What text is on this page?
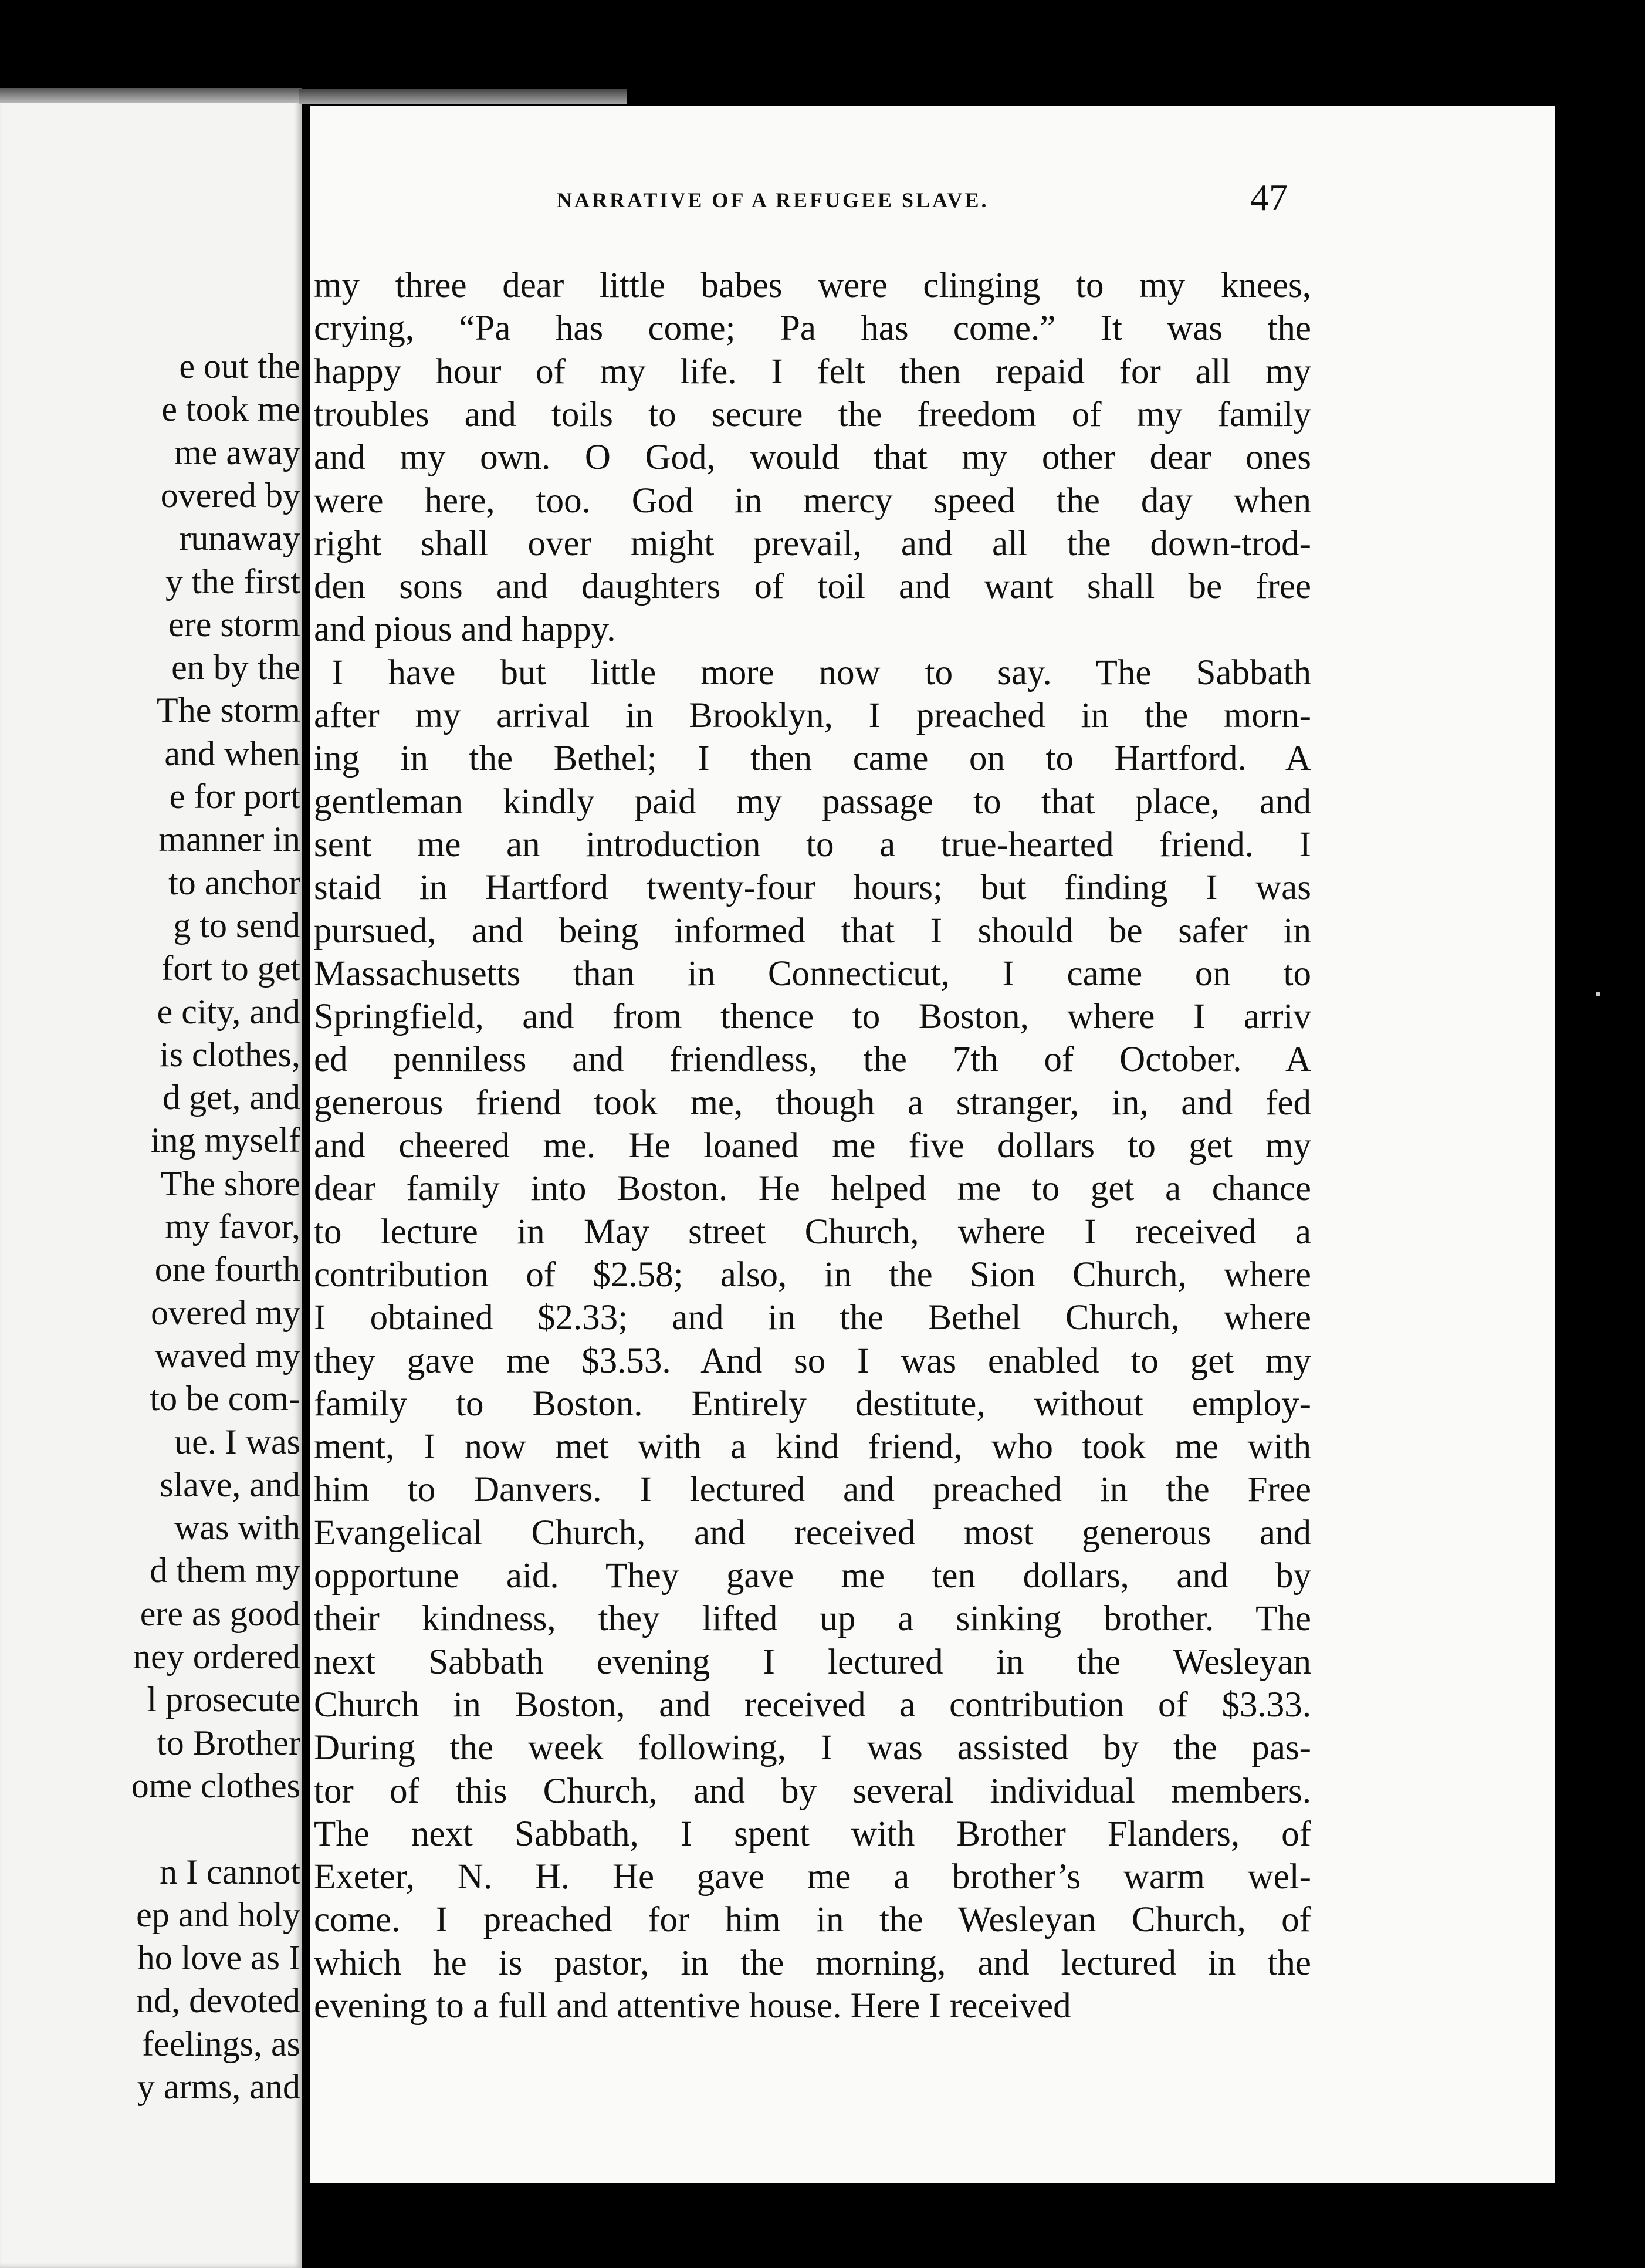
e out the
e took me
me away
overed by
runaway
y the first
ere storm
en by the
The storm
and when
e for port
manner in
to anchor
g to send
fort to get
e city, and
is clothes,
d get, and
ing myself
The shore
my favor,
one fourth
overed my
waved my
to be com-
ue. I was
slave, and
was with
d them my
ere as good
ney ordered
l prosecute
to Brother
ome clothes
n I cannot
ep and holy
ho love as I
nd, devoted
feelings, as
y arms, and
NARRATIVE OF A REFUGEE SLAVE.	47
my three dear little babes were clinging to my knees,
crying, “Pa has come; Pa has come.” It was the
happy hour of my life. I felt then repaid for all my
troubles and toils to secure the freedom of my family
and my own. O God, would that my other dear ones
were here, too. God in mercy speed the day when
right shall over might prevail, and all the down-trod-
den sons and daughters of toil and want shall be free
and pious and happy.
I have but little more now to say. The Sabbath
after my arrival in Brooklyn, I preached in the morn-
ing in the Bethel; I then came on to Hartford. A
gentleman kindly paid my passage to that place, and
sent me an introduction to a true-hearted friend. I
staid in Hartford twenty-four hours; but finding I was
pursued, and being informed that I should be safer in
Massachusetts than in Connecticut, I came on to
Springfield, and from thence to Boston, where I arriv
ed penniless and friendless, the 7th of October. A
generous friend took me, though a stranger, in, and fed
and cheered me. He loaned me five dollars to get my
dear family into Boston. He helped me to get a chance
to lecture in May street Church, where I received a
contribution of $2.58; also, in the Sion Church, where
I obtained $2.33; and in the Bethel Church, where
they gave me $3.53. And so I was enabled to get my
family to Boston. Entirely destitute, without employ-
ment, I now met with a kind friend, who took me with
him to Danvers. I lectured and preached in the Free
Evangelical Church, and received most generous and
opportune aid. They gave me ten dollars, and by
their kindness, they lifted up a sinking brother. The
next Sabbath evening I lectured in the Wesleyan
Church in Boston, and received a contribution of $3.33.
During the week following, I was assisted by the pas-
tor of this Church, and by several individual members.
The next Sabbath, I spent with Brother Flanders, of
Exeter, N. H. He gave me a brother’s warm wel-
come. I preached for him in the Wesleyan Church, of
which he is pastor, in the morning, and lectured in the
evening to a full and attentive house. Here I received
